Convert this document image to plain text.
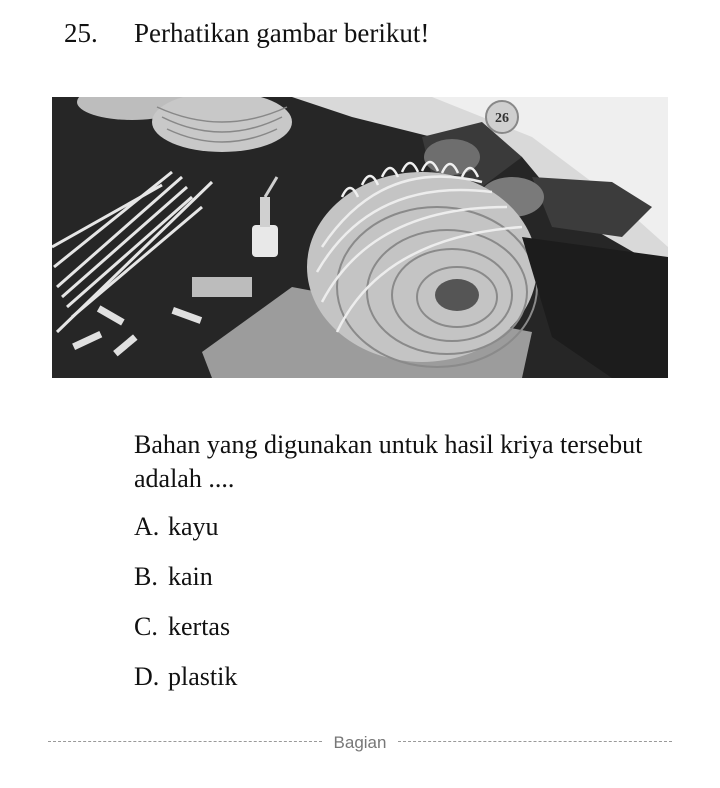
25. Perhatikan gambar berikut!
26
Bahan yang digunakan untuk hasil kriya tersebut adalah ....
A. kayu
B. kain
C. kertas
D. plastik
Bagian
